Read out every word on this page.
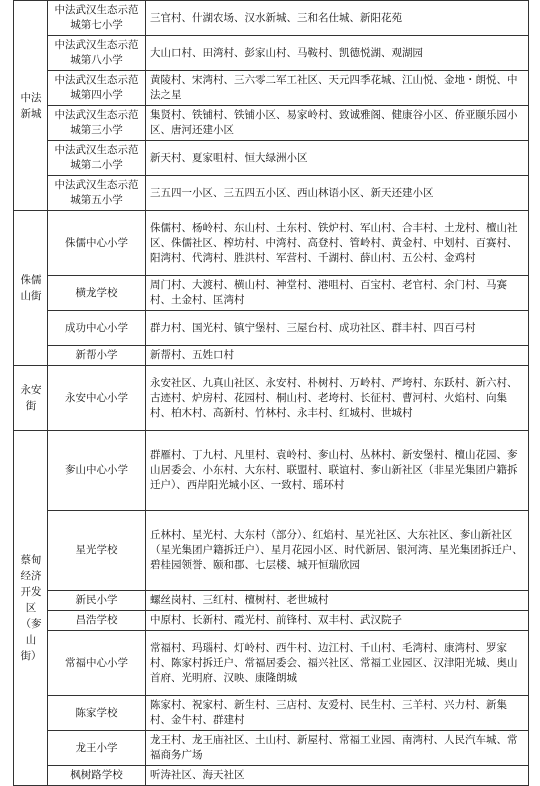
中法新城	中法武汉生态示范城第七小学	三官村、什湖农场、汉水新城、三和名仕城、新阳花苑
	中法武汉生态示范城第八小学	大山口村、田湾村、彭家山村、马鞍村、凯德悦湖、观湖园
	中法武汉生态示范城第四小学	黄陵村、宋湾村、三六零二军工社区、天元四季花城、江山悦、金地・朗悦、中法之星
	中法武汉生态示范城第三小学	集贤村、铁铺村、铁铺小区、易家岭村、致诚雅阁、健康谷小区、侨亚颐乐园小区、唐河还建小区
	中法武汉生态示范城第二小学	新天村、夏家咀村、恒大绿洲小区
	中法武汉生态示范城第五小学	三五四一小区、三五四五小区、西山林语小区、新天还建小区

侏儒山街	侏儒中心小学	侏儒村、杨岭村、东山村、土东村、铁炉村、军山村、合丰村、土龙村、檀山社区、侏儒社区、榨坊村、中湾村、高登村、管岭村、黄金村、中划村、百赛村、阳湾村、代湾村、胜洪村、军营村、千湖村、薛山村、五公村、金鸡村
	横龙学校	周门村、大渡村、横山村、神堂村、港咀村、百宝村、老官村、余门村、马赛村、土金村、匡湾村
	成功中心小学	群力村、国光村、镇宁堡村、三屋台村、成功社区、群丰村、四百弓村
	新帮小学	新帮村、五姓口村

永安街	永安中心小学	永安社区、九真山社区、永安村、朴树村、万岭村、严垮村、东跃村、新六村、古迹村、炉房村、花园村、桐山村、老垮村、长征村、曹河村、火焰村、向集村、柏木村、高新村、竹林村、永丰村、红城村、世城村

蔡甸经济开发区（奓山街）	奓山中心小学	群雁村、丁九村、凡里村、袁岭村、奓山村、丛林村、新安堡村、檀山花园、奓山居委会、小东村、大东村、联盟村、联谊村、奓山新社区（非星光集团户籍拆迁户）、西岸阳光城小区、一致村、瑶环村
	星光学校	丘林村、星光村、大东村（部分）、红焰村、星光社区、大东社区、奓山新社区（星光集团户籍拆迁户）、星月花园小区、时代新居、银河湾、星光集团拆迁户、碧桂园领誉、颐和郡、七层楼、城开恒瑞欣园
	新民小学	螺丝岗村、三红村、檀树村、老世城村
	昌浩学校	中原村、长新村、霞光村、前锋村、双丰村、武汉院子
	常福中心小学	常福村、玛瑙村、灯岭村、西牛村、边江村、千山村、毛湾村、康湾村、罗家村、陈家村拆迁户、常福居委会、福兴社区、常福工业园区、汉津阳光城、奥山首府、光明府、汉映、康隆朗城
	陈家学校	陈家村、祝家村、新生村、三店村、友爱村、民生村、三羊村、兴力村、新集村、金牛村、群建村
	龙王小学	龙王村、龙王庙社区、土山村、新屋村、常福工业园、南湾村、人民汽车城、常福商务广场
	枫树路学校	听涛社区、海天社区
